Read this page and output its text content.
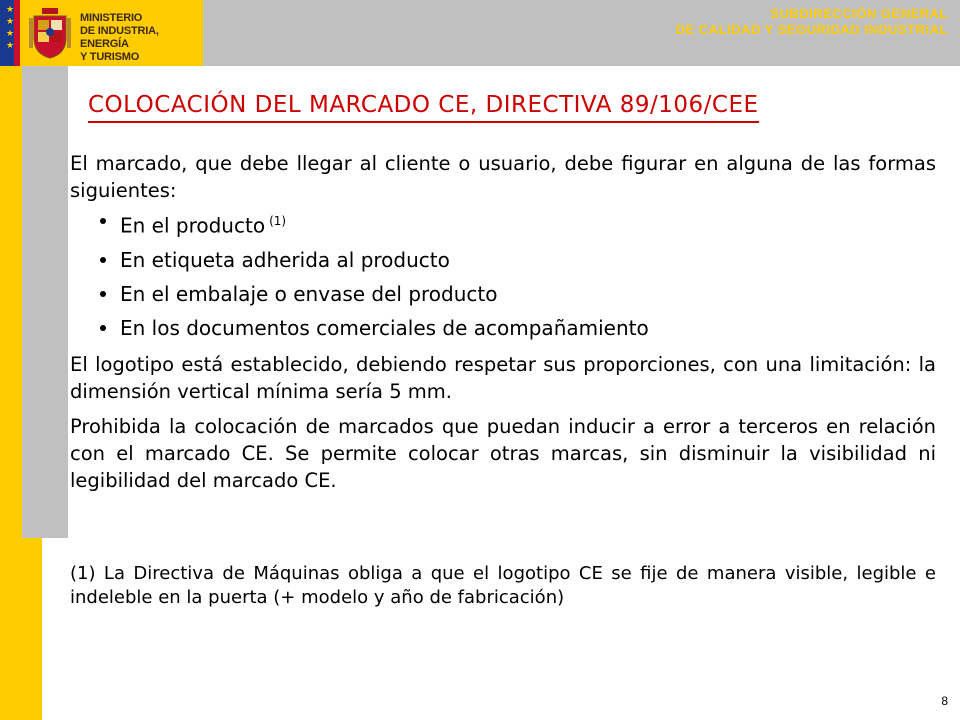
★
★
★
★
MINISTERIO
DE INDUSTRIA, ENERGÍA
Y TURISMO
SUBDIRECCIÓN GENERAL
DE CALIDAD Y SEGURIDAD INDUSTRIAL
COLOCACIÓN DEL MARCADO CE, DIRECTIVA 89/106/CEE

El marcado, que debe llegar al cliente o usuario, debe figurar en alguna de las formas siguientes:

En el producto $^{(1)}$
En etiqueta adherida al producto
En el embalaje o envase del producto
En los documentos comerciales de acompañamiento

El logotipo está establecido, debiendo respetar sus proporciones, con una limitación: la dimensión vertical mínima sería 5 mm.

Prohibida la colocación de marcados que puedan inducir a error a terceros en relación con el marcado CE. Se permite colocar otras marcas, sin disminuir la visibilidad ni legibilidad del marcado CE.

(1) La Directiva de Máquinas obliga a que el logotipo CE se fije de manera visible, legible e indeleble en la puerta (+ modelo y año de fabricación)
8
